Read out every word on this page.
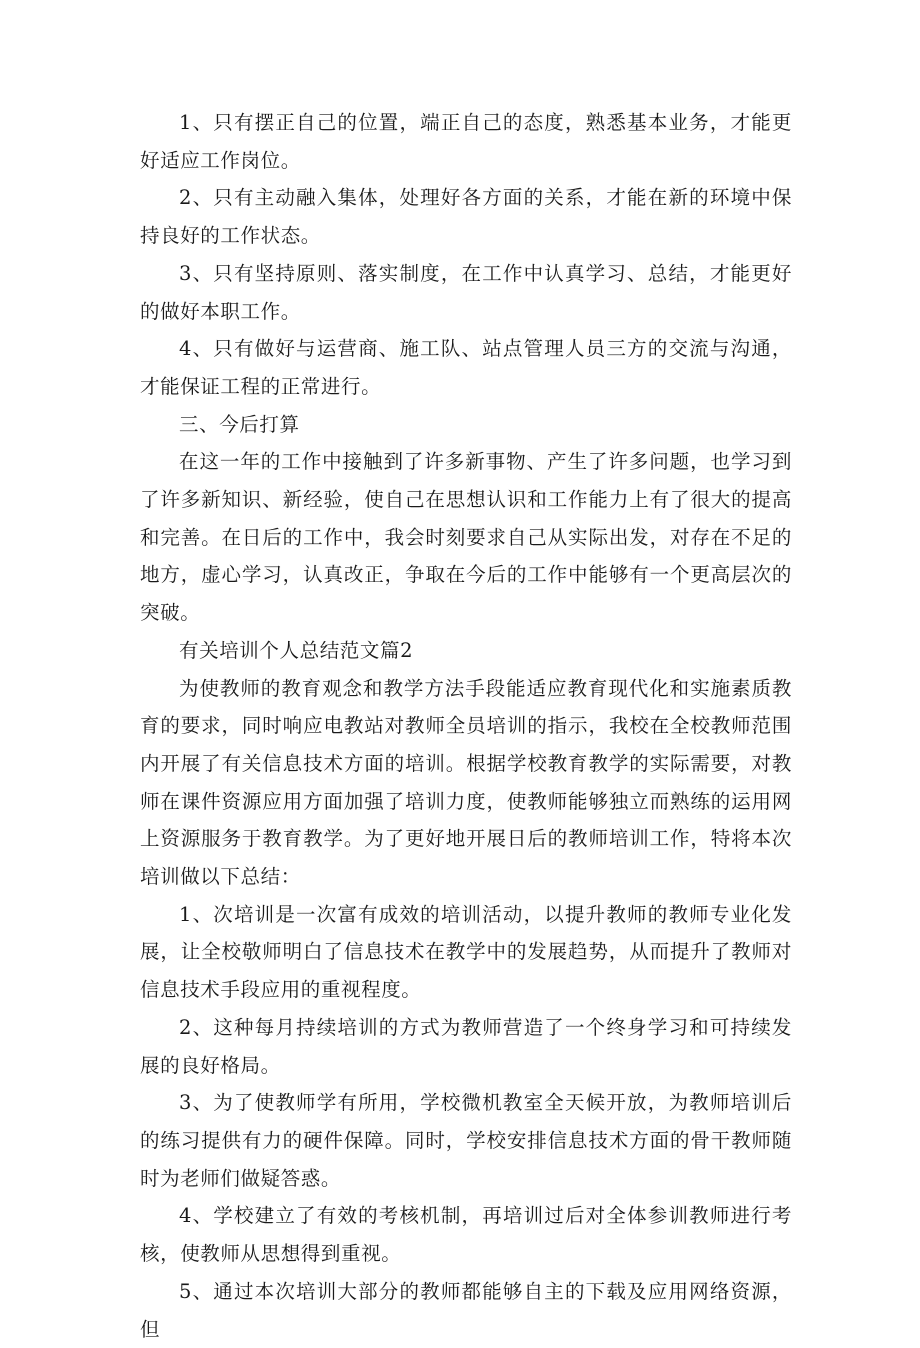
1、只有摆正自己的位置，端正自己的态度，熟悉基本业务，才能更好适应工作岗位。

2、只有主动融入集体，处理好各方面的关系，才能在新的环境中保持良好的工作状态。

3、只有坚持原则、落实制度，在工作中认真学习、总结，才能更好的做好本职工作。

4、只有做好与运营商、施工队、站点管理人员三方的交流与沟通，才能保证工程的正常进行。

三、今后打算

在这一年的工作中接触到了许多新事物、产生了许多问题，也学习到了许多新知识、新经验，使自己在思想认识和工作能力上有了很大的提高和完善。在日后的工作中，我会时刻要求自己从实际出发，对存在不足的地方，虚心学习，认真改正，争取在今后的工作中能够有一个更高层次的突破。

有关培训个人总结范文篇2

为使教师的教育观念和教学方法手段能适应教育现代化和实施素质教育的要求，同时响应电教站对教师全员培训的指示，我校在全校教师范围内开展了有关信息技术方面的培训。根据学校教育教学的实际需要，对教师在课件资源应用方面加强了培训力度，使教师能够独立而熟练的运用网上资源服务于教育教学。为了更好地开展日后的教师培训工作，特将本次培训做以下总结：

1、次培训是一次富有成效的培训活动，以提升教师的教师专业化发展，让全校敬师明白了信息技术在教学中的发展趋势，从而提升了教师对信息技术手段应用的重视程度。

2、这种每月持续培训的方式为教师营造了一个终身学习和可持续发展的良好格局。

3、为了使教师学有所用，学校微机教室全天候开放，为教师培训后的练习提供有力的硬件保障。同时，学校安排信息技术方面的骨干教师随时为老师们做疑答惑。

4、学校建立了有效的考核机制，再培训过后对全体参训教师进行考核，使教师从思想得到重视。

5、通过本次培训大部分的教师都能够自主的下载及应用网络资源，但
